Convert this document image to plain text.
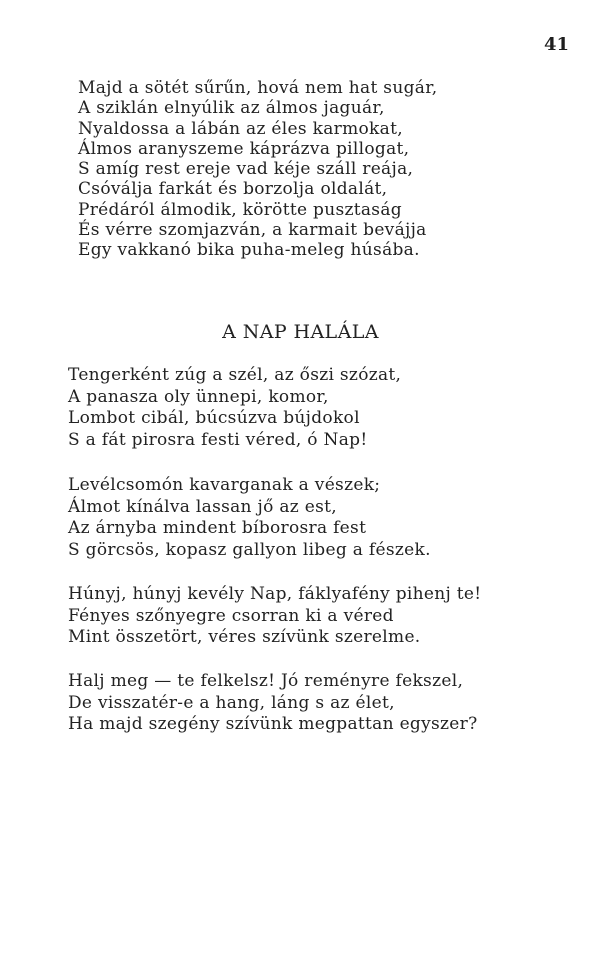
41
Majd a sötét sűrűn, hová nem hat sugár,
A sziklán elnyúlik az álmos jaguár,
Nyaldossa a lábán az éles karmokat,
Álmos aranyszeme káprázva pillogat,
S amíg rest ereje vad kéje száll reája,
Csóválja farkát és borzolja oldalát,
Prédáról álmodik, körötte pusztaság
És vérre szomjazván, a karmait bevájja
Egy vakkanó bika puha-meleg húsába.
A NAP HALÁLA
Tengerként zúg a szél, az őszi szózat,
A panasza oly ünnepi, komor,
Lombot cibál, búcsúzva bújdokol
S a fát pirosra festi véred, ó Nap!
Levélcsomón kavarganak a vészek;
Álmot kínálva lassan jő az est,
Az árnyba mindent bíborosra fest
S görcsös, kopasz gallyon libeg a fészek.
Húnyj, húnyj kevély Nap, fáklyafény pihenj te!
Fényes szőnyegre csorran ki a véred
Mint összetört, véres szívünk szerelme.
Halj meg — te felkelsz! Jó reményre fekszel,
De visszatér-e a hang, láng s az élet,
Ha majd szegény szívünk megpattan egyszer?
